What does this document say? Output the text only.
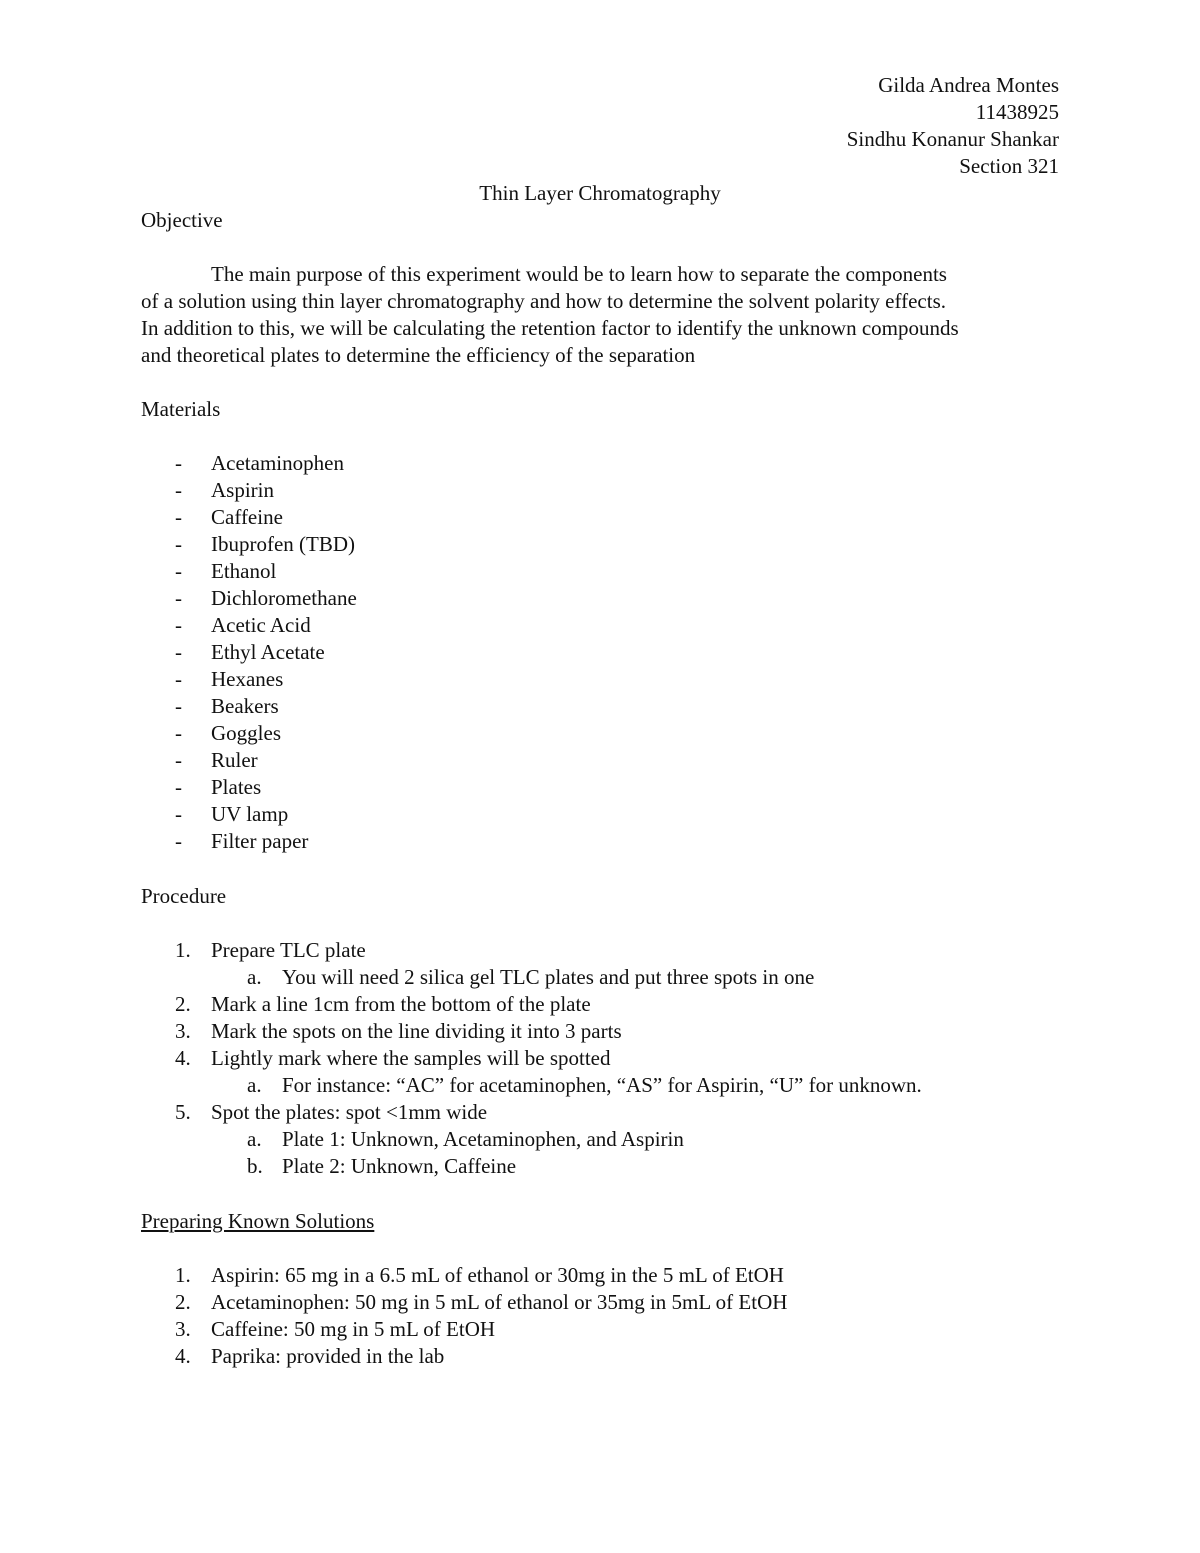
Gilda Andrea Montes
11438925
Sindhu Konanur Shankar
Section 321
Thin Layer Chromatography
Objective
The main purpose of this experiment would be to learn how to separate the components
of a solution using thin layer chromatography and how to determine the solvent polarity effects.
In addition to this, we will be calculating the retention factor to identify the unknown compounds
and theoretical plates to determine the efficiency of the separation
Materials
- Acetaminophen
- Aspirin
- Caffeine
- Ibuprofen (TBD)
- Ethanol
- Dichloromethane
- Acetic Acid
- Ethyl Acetate
- Hexanes
- Beakers
- Goggles
- Ruler
- Plates
- UV lamp
- Filter paper
Procedure
1. Prepare TLC plate
a. You will need 2 silica gel TLC plates and put three spots in one
2. Mark a line 1cm from the bottom of the plate
3. Mark the spots on the line dividing it into 3 parts
4. Lightly mark where the samples will be spotted
a. For instance: “AC” for acetaminophen, “AS” for Aspirin, “U” for unknown.
5. Spot the plates: spot <1mm wide
a. Plate 1: Unknown, Acetaminophen, and Aspirin
b. Plate 2: Unknown, Caffeine
Preparing Known Solutions
1. Aspirin: 65 mg in a 6.5 mL of ethanol or 30mg in the 5 mL of EtOH
2. Acetaminophen: 50 mg in 5 mL of ethanol or 35mg in 5mL of EtOH
3. Caffeine: 50 mg in 5 mL of EtOH
4. Paprika: provided in the lab
